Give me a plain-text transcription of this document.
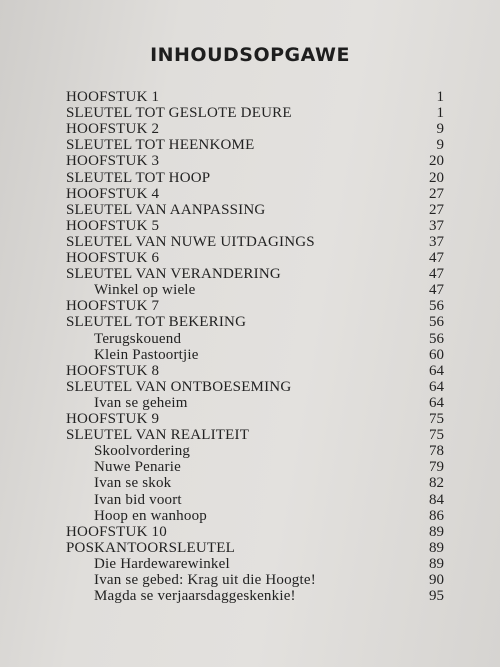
INHOUDSOPGAWE
HOOFSTUK 1	1
SLEUTEL TOT GESLOTE DEURE	1
HOOFSTUK 2	9
SLEUTEL TOT HEENKOME	9
HOOFSTUK 3	20
SLEUTEL TOT HOOP	20
HOOFSTUK 4	27
SLEUTEL VAN AANPASSING	27
HOOFSTUK 5	37
SLEUTEL VAN NUWE UITDAGINGS	37
HOOFSTUK 6	47
SLEUTEL VAN VERANDERING	47
Winkel op wiele	47
HOOFSTUK 7	56
SLEUTEL TOT BEKERING	56
Terugskouend	56
Klein Pastoortjie	60
HOOFSTUK 8	64
SLEUTEL VAN ONTBOESEMING	64
Ivan se geheim	64
HOOFSTUK 9	75
SLEUTEL VAN REALITEIT	75
Skoolvordering	78
Nuwe Penarie	79
Ivan se skok	82
Ivan bid voort	84
Hoop en wanhoop	86
HOOFSTUK 10	89
POSKANTOORSLEUTEL	89
Die Hardewarewinkel	89
Ivan se gebed: Krag uit die Hoogte!	90
Magda se verjaarsdaggeskenkie!	95
